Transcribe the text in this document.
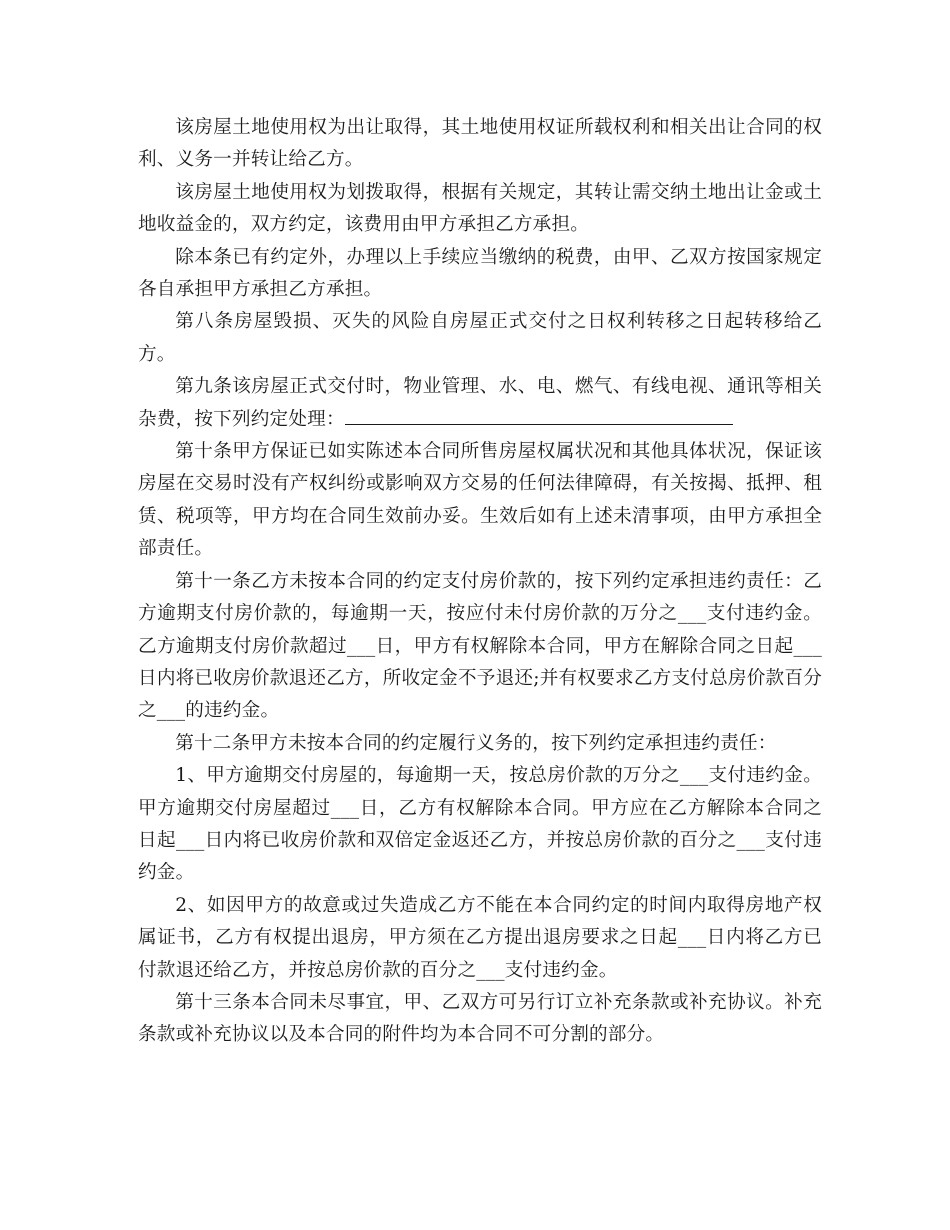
该房屋土地使用权为出让取得，其土地使用权证所载权利和相关出让合同的权利、义务一并转让给乙方。

该房屋土地使用权为划拨取得，根据有关规定，其转让需交纳土地出让金或土地收益金的，双方约定，该费用由甲方承担乙方承担。

除本条已有约定外，办理以上手续应当缴纳的税费，由甲、乙双方按国家规定各自承担甲方承担乙方承担。

第八条房屋毁损、灭失的风险自房屋正式交付之日权利转移之日起转移给乙方。

第九条该房屋正式交付时，物业管理、水、电、燃气、有线电视、通讯等相关杂费，按下列约定处理：

第十条甲方保证已如实陈述本合同所售房屋权属状况和其他具体状况，保证该房屋在交易时没有产权纠纷或影响双方交易的任何法律障碍，有关按揭、抵押、租赁、税项等，甲方均在合同生效前办妥。生效后如有上述未清事项，由甲方承担全部责任。

第十一条乙方未按本合同的约定支付房价款的，按下列约定承担违约责任：乙方逾期支付房价款的，每逾期一天，按应付未付房价款的万分之___支付违约金。乙方逾期支付房价款超过___日，甲方有权解除本合同，甲方在解除合同之日起___日内将已收房价款退还乙方，所收定金不予退还;并有权要求乙方支付总房价款百分之___的违约金。

第十二条甲方未按本合同的约定履行义务的，按下列约定承担违约责任：

1、甲方逾期交付房屋的，每逾期一天，按总房价款的万分之___支付违约金。甲方逾期交付房屋超过___日，乙方有权解除本合同。甲方应在乙方解除本合同之日起___日内将已收房价款和双倍定金返还乙方，并按总房价款的百分之___支付违约金。

2、如因甲方的故意或过失造成乙方不能在本合同约定的时间内取得房地产权属证书，乙方有权提出退房，甲方须在乙方提出退房要求之日起___日内将乙方已付款退还给乙方，并按总房价款的百分之___支付违约金。

第十三条本合同未尽事宜，甲、乙双方可另行订立补充条款或补充协议。补充条款或补充协议以及本合同的附件均为本合同不可分割的部分。
